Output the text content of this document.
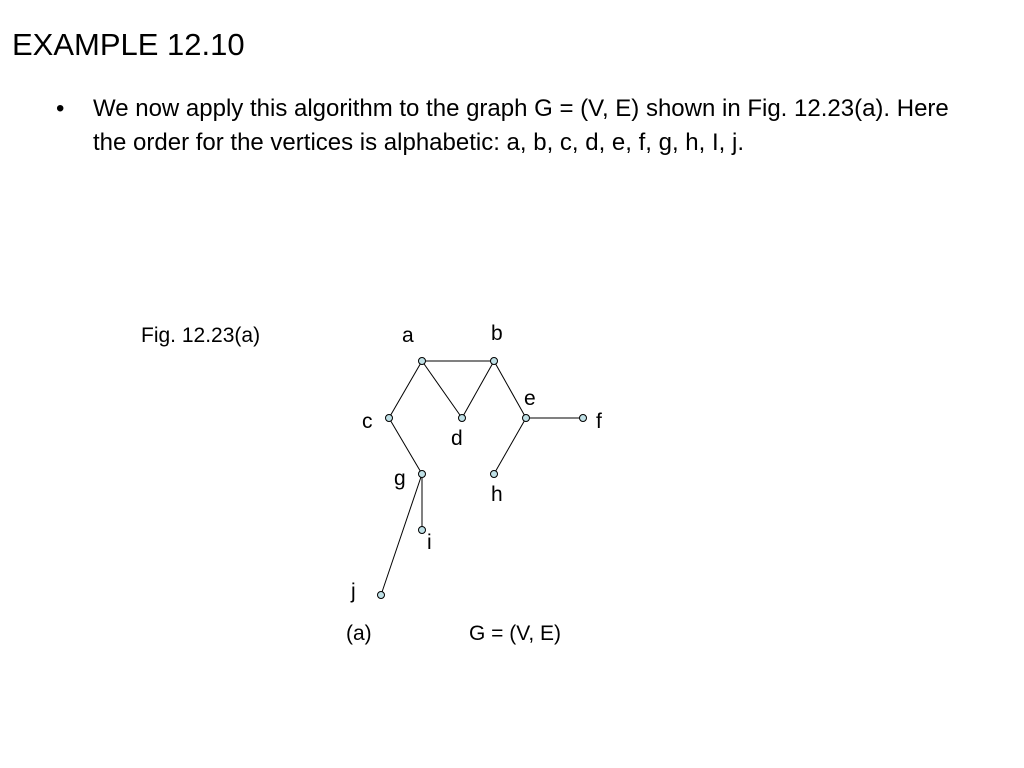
EXAMPLE 12.10
• We now apply this algorithm to the graph G = (V, E) shown in Fig. 12.23(a). Here the order for the vertices is alphabetic: a, b, c, d, e, f, g, h, I, j.
Fig. 12.23(a)	a	b
c
d
e
f
g
h
i
j
(a)	G = (V, E)
